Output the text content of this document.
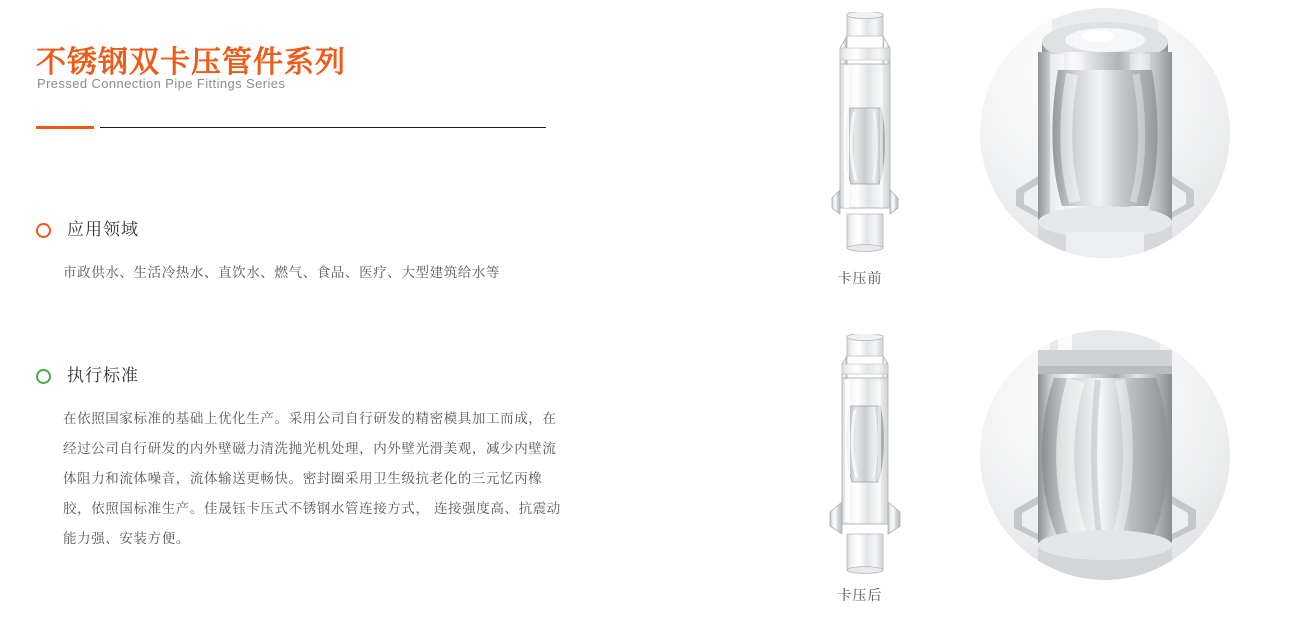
不锈钢双卡压管件系列
Pressed Connection Pipe Fittings Series
应用领域

市政供水、生活冷热水、直饮水、燃气、食品、医疗、大型建筑给水等

执行标准

在依照国家标准的基础上优化生产。采用公司自行研发的精密模具加工而成，在经过公司自行研发的内外壁磁力清洗抛光机处理，内外壁光滑美观，减少内壁流体阻力和流体噪音，流体输送更畅快。密封圈采用卫生级抗老化的三元忆丙橡胶，依照国标准生产。佳晟钰卡压式不锈钢水管连接方式， 连接强度高、抗震动能力强、安装方便。

卡压前
卡压后
